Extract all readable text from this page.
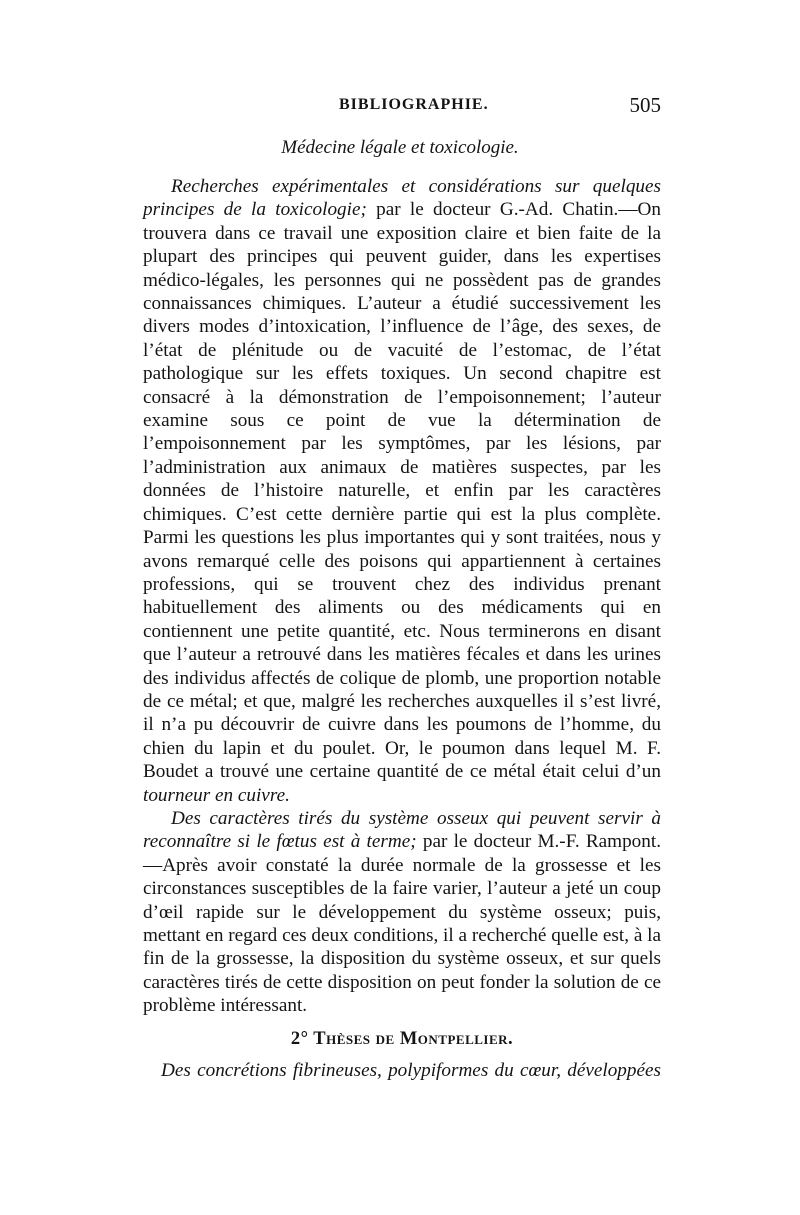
BIBLIOGRAPHIE.	505
Médecine légale et toxicologie.

Recherches expérimentales et considérations sur quelques principes de la toxicologie; par le docteur G.-Ad. Chatin.—On trouvera dans ce travail une exposition claire et bien faite de la plupart des principes qui peuvent guider, dans les expertises médico-légales, les personnes qui ne possèdent pas de grandes connaissances chimiques. L’auteur a étudié successivement les divers modes d’intoxication, l’influence de l’âge, des sexes, de l’état de plénitude ou de vacuité de l’estomac, de l’état pathologique sur les effets toxiques. Un second chapitre est consacré à la démonstration de l’empoisonnement; l’auteur examine sous ce point de vue la détermination de l’empoisonnement par les symptômes, par les lésions, par l’administration aux animaux de matières suspectes, par les données de l’histoire naturelle, et enfin par les caractères chimiques. C’est cette dernière partie qui est la plus complète. Parmi les questions les plus importantes qui y sont traitées, nous y avons remarqué celle des poisons qui appartiennent à certaines professions, qui se trouvent chez des individus prenant habituellement des aliments ou des médicaments qui en contiennent une petite quantité, etc. Nous terminerons en disant que l’auteur a retrouvé dans les matières fécales et dans les urines des individus affectés de colique de plomb, une proportion notable de ce métal; et que, malgré les recherches auxquelles il s’est livré, il n’a pu découvrir de cuivre dans les poumons de l’homme, du chien du lapin et du poulet. Or, le poumon dans lequel M. F. Boudet a trouvé une certaine quantité de ce métal était celui d’un tourneur en cuivre.

Des caractères tirés du système osseux qui peuvent servir à reconnaître si le fœtus est à terme; par le docteur M.-F. Rampont. —Après avoir constaté la durée normale de la grossesse et les circonstances susceptibles de la faire varier, l’auteur a jeté un coup d’œil rapide sur le développement du système osseux; puis, mettant en regard ces deux conditions, il a recherché quelle est, à la fin de la grossesse, la disposition du système osseux, et sur quels caractères tirés de cette disposition on peut fonder la solution de ce problème intéressant.

2° Thèses de Montpellier.

Des concrétions fibrineuses, polypiformes du cœur, développées
